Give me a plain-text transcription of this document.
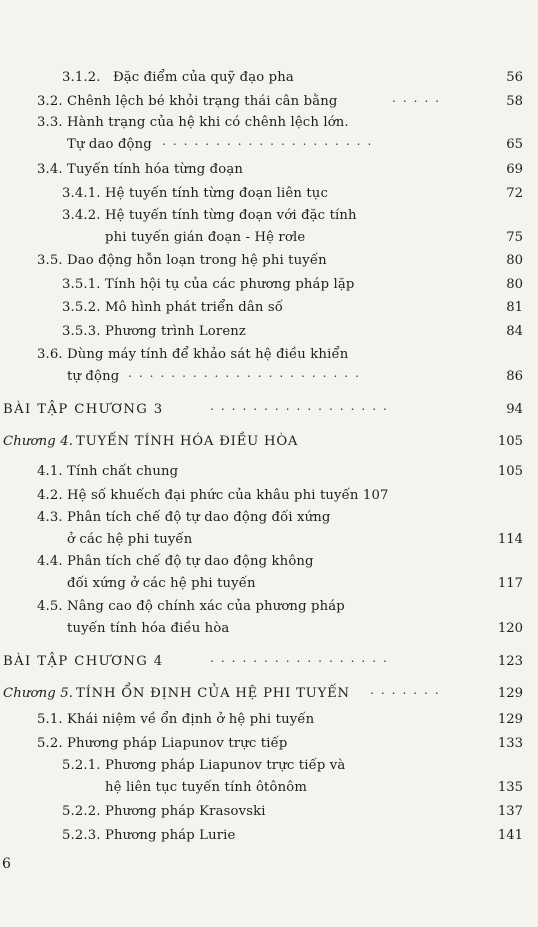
3.1.2. Đặc điểm của quỹ đạo pha	56
3.2. Chênh lệch bé khỏi trạng thái cân bằng	.....	58
3.3. Hành trạng của hệ khi có chênh lệch lớn.
Tự dao động ....................	65
3.4. Tuyến tính hóa từng đoạn	69
3.4.1. Hệ tuyến tính từng đoạn liên tục	72
3.4.2. Hệ tuyến tính từng đoạn với đặc tính
phi tuyến gián đoạn - Hệ rơle	75
3.5. Dao động hỗn loạn trong hệ phi tuyến	80
3.5.1. Tính hội tụ của các phương pháp lặp	80
3.5.2. Mô hình phát triển dân số	81
3.5.3. Phương trình Lorenz	84
3.6. Dùng máy tính để khảo sát hệ điều khiển
tự động ......................	86
BÀI TẬP CHƯƠNG 3	.................	94
Chương 4. TUYẾN TÍNH HÓA ĐIỀU HÒA	105
4.1. Tính chất chung	105
4.2. Hệ số khuếch đại phức của khâu phi tuyến 107
4.3. Phân tích chế độ tự dao động đối xứng
ở các hệ phi tuyến	114
4.4. Phân tích chế độ tự dao động không
đối xứng ở các hệ phi tuyến	117
4.5. Nâng cao độ chính xác của phương pháp
tuyến tính hóa điều hòa	120
BÀI TẬP CHƯƠNG 4	.................	123
Chương 5. TÍNH ỔN ĐỊNH CỦA HỆ PHI TUYẾN .......	129
5.1. Khái niệm về ổn định ở hệ phi tuyến	129
5.2. Phương pháp Liapunov trực tiếp	133
5.2.1. Phương pháp Liapunov trực tiếp và
hệ liên tục tuyến tính ôtônôm	135
5.2.2. Phương pháp Krasovski	137
5.2.3. Phương pháp Lurie	141
6
